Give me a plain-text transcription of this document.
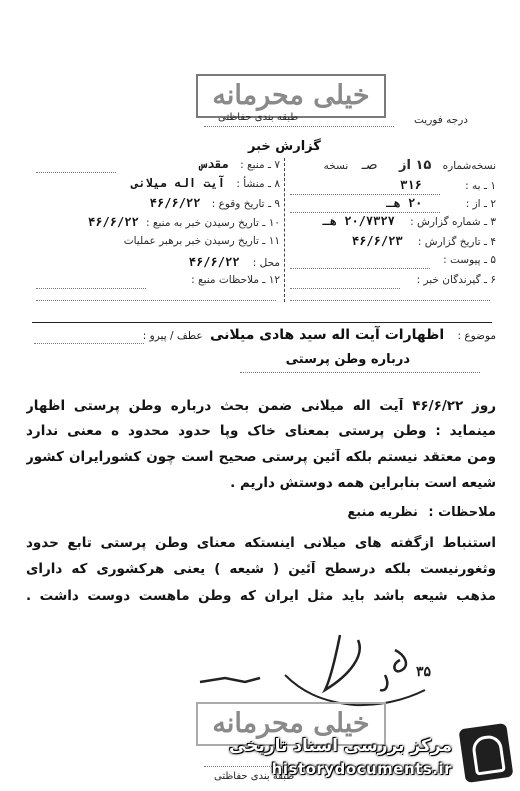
خیلی محرمانه
طبقه بندی حفاظتی	درجه فوریت
گزارش خبر
نسخه‌شماره ۱۵ از صـ نسخه
۱ ـ به : ۳۱۶
۲ ـ از : ۲۰ هـ
۳ ـ شماره گزارش : ۲۰/۷۳۲۷ هـ
۴ ـ تاریخ گزارش : ۴۶/۶/۲۳
۵ ـ پیوست :
۶ ـ گیرندگان خبر :
۷ ـ منبع : مقدس
۸ ـ منشأ : آیت اله میلانی
۹ ـ تاریخ وقوع : ۴۶/۶/۲۲
۱۰ ـ تاریخ رسیدن خبر به منبع : ۴۶/۶/۲۲
۱۱ ـ تاریخ رسیدن خبر برهبر عملیات
محل : ۴۶/۶/۲۲
۱۲ ـ ملاحظات منبع :
موضوع : اظهارات آیت اله سید هادی میلانی عطف / پیرو :
درباره وطن پرستی
روز ۴۶/۶/۲۲ آیت اله میلانی ضمن بحث درباره وطن پرستی اظهار
مینماید : وطن پرستی بمعنای خاک وپا حدود محدود ه معنی ندارد
ومن معتقد نیستم بلکه آئین پرستی صحیح است چون کشورایران کشور
شیعه است بنابراین همه دوستش داریم .
ملاحظات : نظریه منبع
استنباط ازگفته های میلانی اینستکه معنای وطن پرستی تابع حدود
وثغورنیست بلکه درسطح آئین ( شیعه ) یعنی هرکشوری که دارای
مذهب شیعه باشد باید مثل ایران که وطن ماهست دوست داشت .
۳۵
خیلی محرمانه
طبقه بندی حفاظتی
مرکز بررسی اسناد تاریخی
historydocuments.ir
